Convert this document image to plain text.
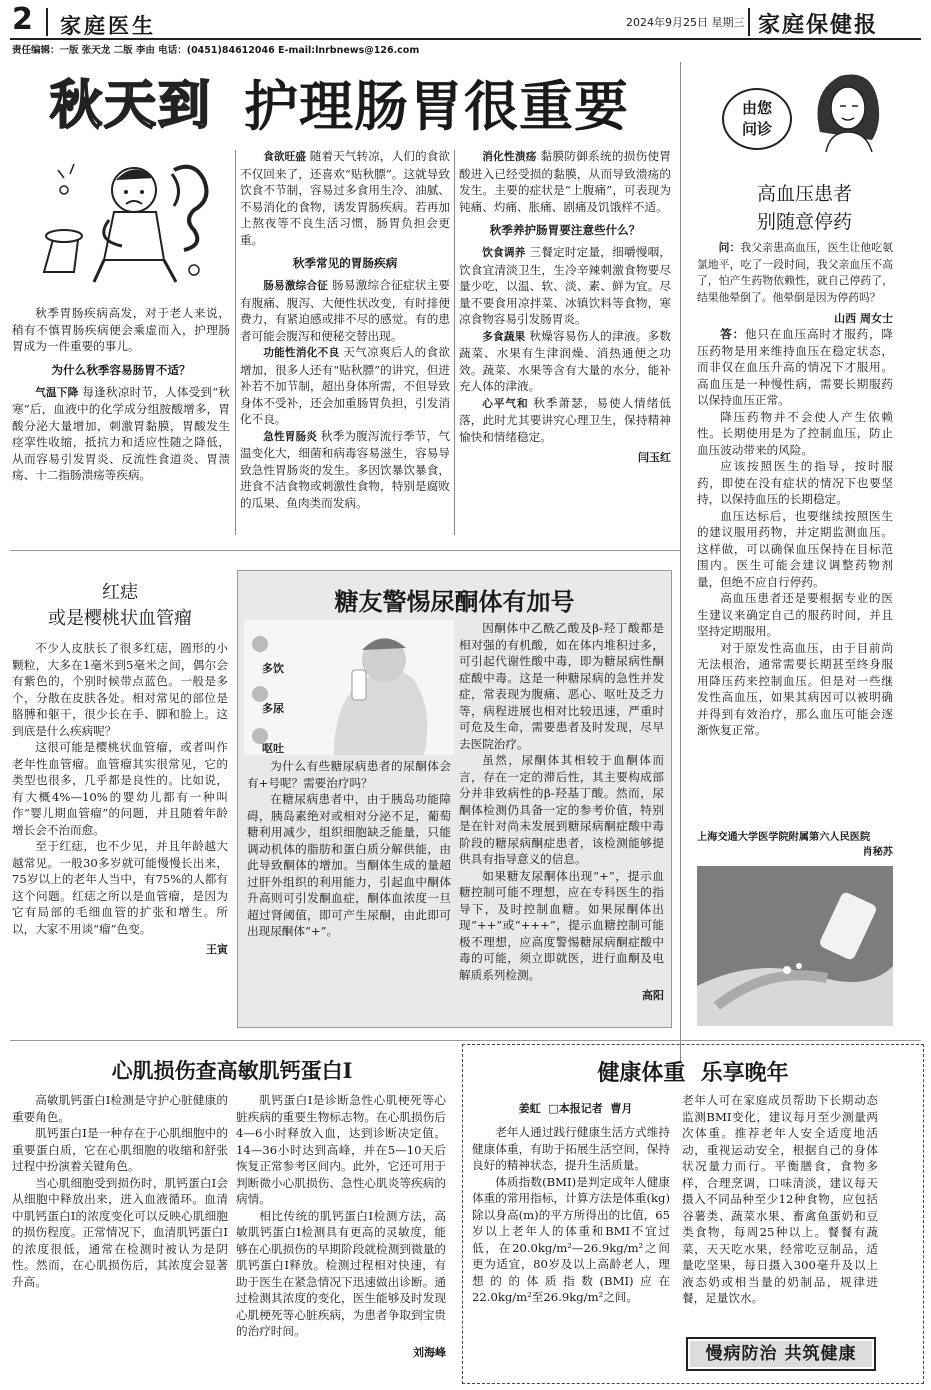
2 家庭医生	2024年9月25日 星期三 家庭保健报
责任编辑：一版 张天龙 二版 李由 电话：(0451)84612046 E-mail:lnrbnews@126.com
秋天到 护理肠胃很重要

秋季胃肠疾病高发，对于老人来说，稍有不慎胃肠疾病便会乘虚而入，护理肠胃成为一件重要的事儿。

为什么秋季容易肠胃不适？

气温下降 每逢秋凉时节，人体受到“秋寒”后，血液中的化学成分组胺酸增多，胃酸分泌大量增加，刺激胃黏膜，胃酸发生痉挛性收缩，抵抗力和适应性随之降低，从而容易引发胃炎、反流性食道炎、胃溃疡、十二指肠溃疡等疾病。

食欲旺盛 随着天气转凉，人们的食欲不仅回来了，还喜欢“贴秋膘”。这就导致饮食不节制，容易过多食用生冷、油腻、不易消化的食物，诱发胃肠疾病。若再加上熬夜等不良生活习惯，肠胃负担会更重。

秋季常见的胃肠疾病

肠易激综合征 肠易激综合征症状主要有腹痛、腹泻、大便性状改变，有时排便费力，有紧迫感或排不尽的感觉。有的患者可能会腹泻和便秘交替出现。

功能性消化不良 天气凉爽后人的食欲增加，很多人还有“贴秋膘”的讲究，但进补若不加节制，超出身体所需，不但导致身体不受补，还会加重肠胃负担，引发消化不良。

急性胃肠炎 秋季为腹泻流行季节，气温变化大，细菌和病毒容易滋生，容易导致急性胃肠炎的发生。多因饮暴饮暴食，进食不洁食物或刺激性食物，特别是腐败的瓜果、鱼肉类而发病。

消化性溃疡 黏膜防御系统的损伤使胃酸进入已经受损的黏膜，从而导致溃疡的发生。主要的症状是“上腹痛”，可表现为钝痛、灼痛、胀痛、剧痛及饥饿样不适。

秋季养护肠胃要注意些什么？

饮食调养 三餐定时定量，细嚼慢咽，饮食宜清淡卫生，生冷辛辣刺激食物要尽量少吃，以温、软、淡、素、鲜为宜。尽量不要食用凉拌菜、冰镇饮料等食物，寒凉食物容易引发肠胃炎。

多食蔬果 秋燥容易伤人的津液。多数蔬菜、水果有生津润燥、消热通便之功效。蔬菜、水果等含有大量的水分，能补充人体的津液。

心平气和 秋季萧瑟，易使人情绪低落，此时尤其要讲究心理卫生，保持精神愉快和情绪稳定。

闫玉红
由您
问诊
高血压患者
别随意停药

问：我父亲患高血压，医生让他吃氨氯地平，吃了一段时间，我父亲血压不高了，怕产生药物依赖性，就自己停药了，结果他晕倒了。他晕倒是因为停药吗？

山西 周女士

答：他只在血压高时才服药，降压药物是用来维持血压在稳定状态，而非仅在血压升高的情况下才服用。高血压是一种慢性病，需要长期服药以保持血压正常。

降压药物并不会使人产生依赖性。长期使用是为了控制血压，防止血压波动带来的风险。

应该按照医生的指导，按时服药，即使在没有症状的情况下也要坚持，以保持血压的长期稳定。

血压达标后，也要继续按照医生的建议服用药物，并定期监测血压。这样做，可以确保血压保持在目标范围内。医生可能会建议调整药物剂量，但绝不应自行停药。

高血压患者还是要根据专业的医生建议来确定自己的服药时间，并且坚持定期服用。

对于原发性高血压，由于目前尚无法根治，通常需要长期甚至终身服用降压药来控制血压。但是对一些继发性高血压，如果其病因可以被明确并得到有效治疗，那么血压可能会逐渐恢复正常。

上海交通大学医学院附属第六人民医院
肖秘苏
红痣
或是樱桃状血管瘤

不少人皮肤长了很多红痣，圆形的小颗粒，大多在1毫米到5毫米之间，偶尔会有紫色的，个别时候带点蓝色。一般是多个，分散在皮肤各处。相对常见的部位是胳膊和躯干，很少长在手、脚和脸上。这到底是什么疾病呢？

这很可能是樱桃状血管瘤，或者叫作老年性血管瘤。血管瘤其实很常见，它的类型也很多，几乎都是良性的。比如说，有大概4%—10%的婴幼儿都有一种叫作“婴儿期血管瘤”的问题，并且随着年龄增长会不治而愈。

至于红痣，也不少见，并且年龄越大越常见。一般30多岁就可能慢慢长出来，75岁以上的老年人当中，有75%的人都有这个问题。红痣之所以是血管瘤，是因为它有局部的毛细血管的扩张和增生。所以，大家不用谈“瘤”色变。

王寅
糖友警惕尿酮体有加号
多饮
多尿
呕吐

为什么有些糖尿病患者的尿酮体会有+号呢？需要治疗吗？

在糖尿病患者中，由于胰岛功能障碍，胰岛素绝对或相对分泌不足，葡萄糖利用减少，组织细胞缺乏能量，只能调动机体的脂肪和蛋白质分解供能，由此导致酮体的增加。当酮体生成的量超过肝外组织的利用能力，引起血中酮体升高则可引发酮血症，酮体血浓度一旦超过肾阈值，即可产生尿酮，由此即可出现尿酮体“+”。

因酮体中乙酰乙酸及β-羟丁酸都是相对强的有机酸，如在体内堆积过多，可引起代谢性酸中毒，即为糖尿病性酮症酸中毒。这是一种糖尿病的急性并发症，常表现为腹痛、恶心、呕吐及乏力等，病程进展也相对比较迅速，严重时可危及生命，需要患者及时发现，尽早去医院治疗。

虽然，尿酮体其相较于血酮体而言，存在一定的滞后性，其主要构成部分并非致病性的β-羟基丁酸。然而，尿酮体检测仍具备一定的参考价值，特别是在针对尚未发展到糖尿病酮症酸中毒阶段的糖尿病酮症患者，该检测能够提供具有指导意义的信息。

如果糖友尿酮体出现“+”，提示血糖控制可能不理想，应在专科医生的指导下，及时控制血糖。如果尿酮体出现“++”或“+++”，提示血糖控制可能极不理想，应高度警惕糖尿病酮症酸中毒的可能，须立即就医，进行血酮及电解质系列检测。

高阳
心肌损伤查高敏肌钙蛋白I

高敏肌钙蛋白I检测是守护心脏健康的重要角色。

肌钙蛋白I是一种存在于心肌细胞中的重要蛋白质，它在心肌细胞的收缩和舒张过程中扮演着关键角色。

当心肌细胞受到损伤时，肌钙蛋白I会从细胞中释放出来，进入血液循环。血清中肌钙蛋白I的浓度变化可以反映心肌细胞的损伤程度。正常情况下，血清肌钙蛋白I的浓度很低，通常在检测时被认为是阴性。然而，在心肌损伤后，其浓度会显著升高。

肌钙蛋白I是诊断急性心肌梗死等心脏疾病的重要生物标志物。在心肌损伤后4—6小时释放入血，达到诊断决定值。14—36小时达到高峰，并在5—10天后恢复正常参考区间内。此外，它还可用于判断微小心肌损伤、急性心肌炎等疾病的病情。

相比传统的肌钙蛋白I检测方法，高敏肌钙蛋白I检测具有更高的灵敏度，能够在心肌损伤的早期阶段就检测到微量的肌钙蛋白I释放。检测过程相对快速，有助于医生在紧急情况下迅速做出诊断。通过检测其浓度的变化，医生能够及时发现心肌梗死等心脏疾病，为患者争取到宝贵的治疗时间。

刘海峰
健康体重  乐享晚年
姜虹  □本报记者  曹月

老年人通过践行健康生活方式维持健康体重，有助于拓展生活空间，保持良好的精神状态，提升生活质量。

体质指数(BMI)是判定成年人健康体重的常用指标，计算方法是体重(kg)除以身高(m)的平方所得出的比值，65岁以上老年人的体重和BMI不宜过低，在20.0kg/m²—26.9kg/m²之间更为适宜，80岁及以上高龄老人，理想的的体质指数(BMI)应在22.0kg/m²至26.9kg/m²之间。

老年人可在家庭成员帮助下长期动态监测BMI变化，建议每月至少测量两次体重。推荐老年人安全适度地活动，重视运动安全，根据自己的身体状况量力而行。平衡膳食，食物多样，合理烹调，口味清淡，建议每天摄入不同品种至少12种食物，应包括谷薯类、蔬菜水果、畜禽鱼蛋奶和豆类食物，每周25种以上。餐餐有蔬菜，天天吃水果，经常吃豆制品，适量吃坚果，每日摄入300毫升及以上液态奶或相当量的奶制品，规律进餐，足量饮水。

慢病防治 共筑健康
